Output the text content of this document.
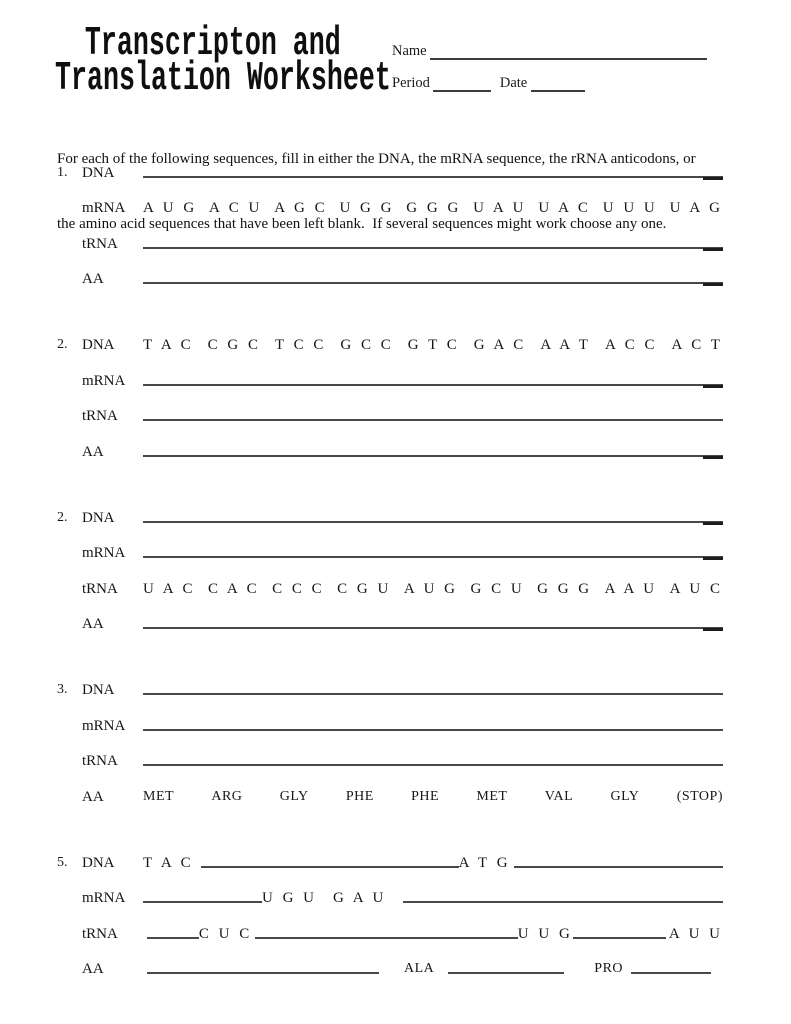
Transcripton and
Translation Worksheet
Name
Period	Date

For each of the following sequences, fill in either the DNA, the mRNA sequence, the rRNA anticodons, or

the amino acid sequences that have been left blank.  If several sequences might work choose any one.

1. DNA
mRNA	A U G A C U A G C U G G G G G U A U U A C U U U U A G
tRNA
AA
2. DNA	T A C C G C T C C G C C G T C G A C A A T A C C A C T
mRNA
tRNA
AA
2. DNA
mRNA
tRNA	U A C C A C C C C C G U A U G G C U G G G A A U A U C
AA
3. DNA
mRNA
tRNA
AA	MET	ARG	GLY	PHE	PHE	MET	VAL	GLY	(STOP)
5. DNA	T A C	A T G
mRNA	U G U G A U
tRNA	C U C	U U G	A U U
AA	ALA	PRO
